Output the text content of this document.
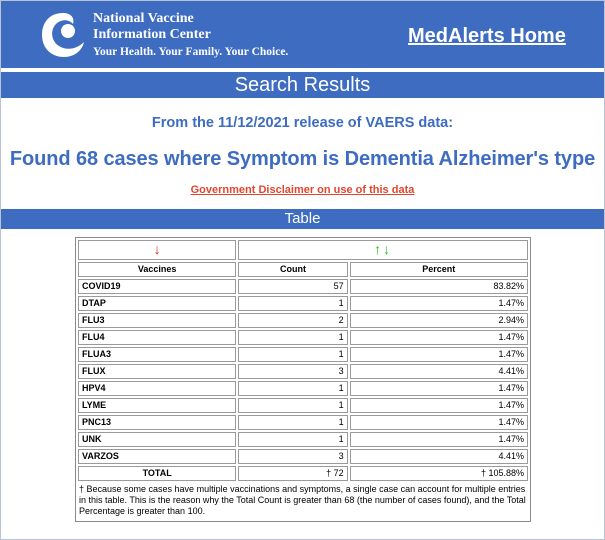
National Vaccine
Information Center
Your Health. Your Family. Your Choice.
MedAlerts Home
Search Results
From the 11/12/2021 release of VAERS data:
Found 68 cases where Symptom is Dementia Alzheimer's type
Government Disclaimer on use of this data
Table
↓	↑↓	
Vaccines	Count	Percent
COVID19	57	83.82%
DTAP	1	1.47%
FLU3	2	2.94%
FLU4	1	1.47%
FLUA3	1	1.47%
FLUX	3	4.41%
HPV4	1	1.47%
LYME	1	1.47%
PNC13	1	1.47%
UNK	1	1.47%
VARZOS	3	4.41%
TOTAL	† 72	† 105.88%
† Because some cases have multiple vaccinations and symptoms, a single case can account for multiple entries in this table. This is the reason why the Total Count is greater than 68 (the number of cases found), and the Total Percentage is greater than 100.
